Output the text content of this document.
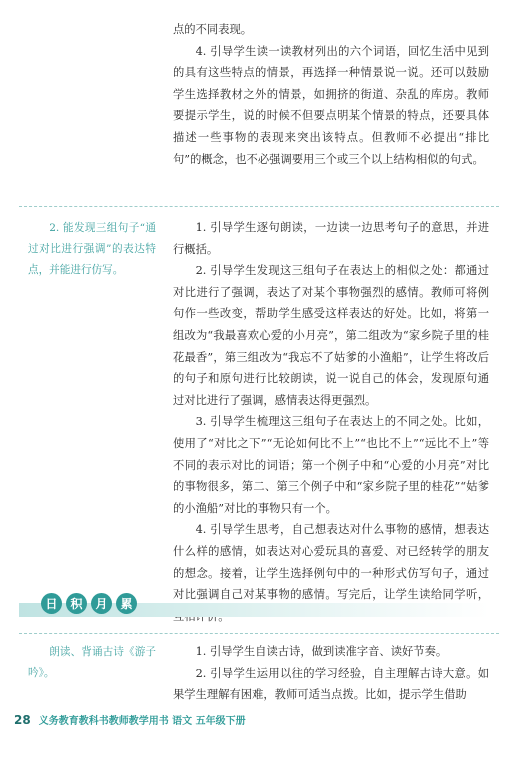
点的不同表现。

4. 引导学生读一读教材列出的六个词语，回忆生活中见到的具有这些特点的情景，再选择一种情景说一说。还可以鼓励学生选择教材之外的情景，如拥挤的街道、杂乱的库房。教师要提示学生，说的时候不但要点明某个情景的特点，还要具体描述一些事物的表现来突出该特点。但教师不必提出“排比句”的概念，也不必强调要用三个或三个以上结构相似的句式。

2. 能发现三组句子“通过对比进行强调”的表达特点，并能进行仿写。

1. 引导学生逐句朗读，一边读一边思考句子的意思，并进行概括。

2. 引导学生发现这三组句子在表达上的相似之处：都通过对比进行了强调，表达了对某个事物强烈的感情。教师可将例句作一些改变，帮助学生感受这样表达的好处。比如，将第一组改为“我最喜欢心爱的小月亮”，第二组改为“家乡院子里的桂花最香”，第三组改为“我忘不了姑爹的小渔船”，让学生将改后的句子和原句进行比较朗读，说一说自己的体会，发现原句通过对比进行了强调，感情表达得更强烈。

3. 引导学生梳理这三组句子在表达上的不同之处。比如，使用了“对比之下”“无论如何比不上”“也比不上”“远比不上”等不同的表示对比的词语；第一个例子中和“心爱的小月亮”对比的事物很多，第二、第三个例子中和“家乡院子里的桂花”“姑爹的小渔船”对比的事物只有一个。

4. 引导学生思考，自己想表达对什么事物的感情，想表达什么样的感情，如表达对心爱玩具的喜爱、对已经转学的朋友的想念。接着，让学生选择例句中的一种形式仿写句子，通过对比强调自己对某事物的感情。写完后，让学生读给同学听，

日	积	月	累

朗读、背诵古诗《游子吟》。

1. 引导学生自读古诗，做到读准字音、读好节奏。

2. 引导学生运用以往的学习经验，自主理解古诗大意。如果学生理解有困难，教师可适当点拨。比如，提示学生借助

28 义务教育教科书教师教学用书 语文 五年级下册
